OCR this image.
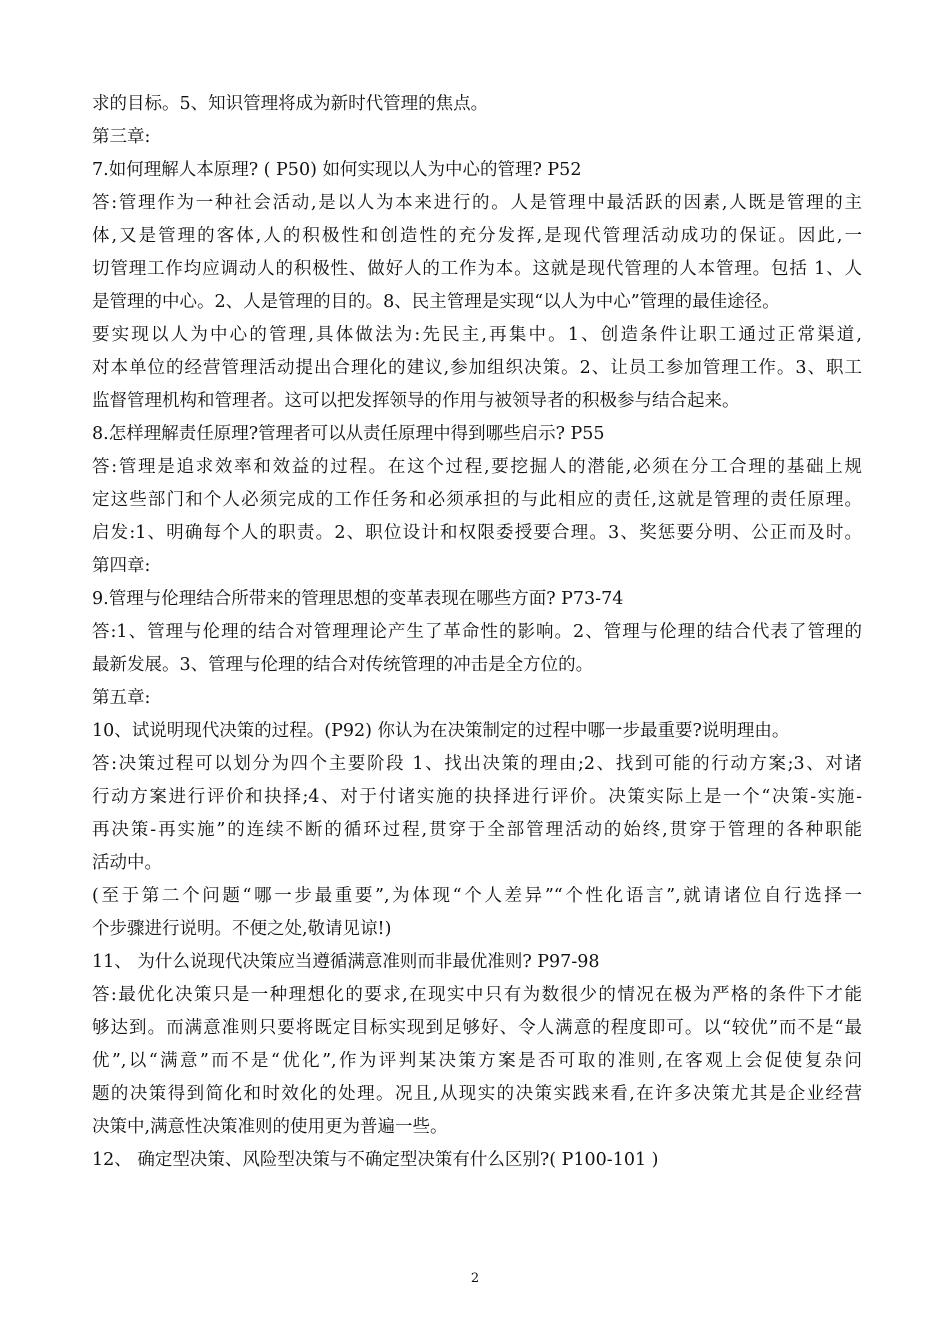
求的目标。5、知识管理将成为新时代管理的焦点。
第三章:
7.如何理解人本原理? ( P50) 如何实现以人为中心的管理? P52
答:管理作为一种社会活动,是以人为本来进行的。人是管理中最活跃的因素,人既是管理的主
体,又是管理的客体,人的积极性和创造性的充分发挥,是现代管理活动成功的保证。因此,一
切管理工作均应调动人的积极性、做好人的工作为本。这就是现代管理的人本管理。包括 1、人
是管理的中心。2、人是管理的目的。8、民主管理是实现“以人为中心”管理的最佳途径。
要实现以人为中心的管理,具体做法为:先民主,再集中。1、创造条件让职工通过正常渠道,
对本单位的经营管理活动提出合理化的建议,参加组织决策。2、让员工参加管理工作。3、职工
监督管理机构和管理者。这可以把发挥领导的作用与被领导者的积极参与结合起来。
8.怎样理解责任原理?管理者可以从责任原理中得到哪些启示? P55
答:管理是追求效率和效益的过程。在这个过程,要挖掘人的潜能,必须在分工合理的基础上规
定这些部门和个人必须完成的工作任务和必须承担的与此相应的责任,这就是管理的责任原理。
启发:1、明确每个人的职责。2、职位设计和权限委授要合理。3、奖惩要分明、公正而及时。
第四章:
9.管理与伦理结合所带来的管理思想的变革表现在哪些方面? P73-74
答:1、管理与伦理的结合对管理理论产生了革命性的影响。2、管理与伦理的结合代表了管理的
最新发展。3、管理与伦理的结合对传统管理的冲击是全方位的。
第五章:
10、试说明现代决策的过程。(P92) 你认为在决策制定的过程中哪一步最重要?说明理由。
答:决策过程可以划分为四个主要阶段 1、找出决策的理由;2、找到可能的行动方案;3、对诸
行动方案进行评价和抉择;4、对于付诸实施的抉择进行评价。决策实际上是一个“决策-实施-
再决策-再实施”的连续不断的循环过程,贯穿于全部管理活动的始终,贯穿于管理的各种职能
活动中。
(至于第二个问题“哪一步最重要”,为体现“个人差异”“个性化语言”,就请诸位自行选择一
个步骤进行说明。不便之处,敬请见谅!)
11、 为什么说现代决策应当遵循满意准则而非最优准则? P97-98
答:最优化决策只是一种理想化的要求,在现实中只有为数很少的情况在极为严格的条件下才能
够达到。而满意准则只要将既定目标实现到足够好、令人满意的程度即可。以“较优”而不是“最
优”,以“满意”而不是“优化”,作为评判某决策方案是否可取的准则,在客观上会促使复杂问
题的决策得到简化和时效化的处理。况且,从现实的决策实践来看,在许多决策尤其是企业经营
决策中,满意性决策准则的使用更为普遍一些。
12、 确定型决策、风险型决策与不确定型决策有什么区别?( P100-101 )
2
